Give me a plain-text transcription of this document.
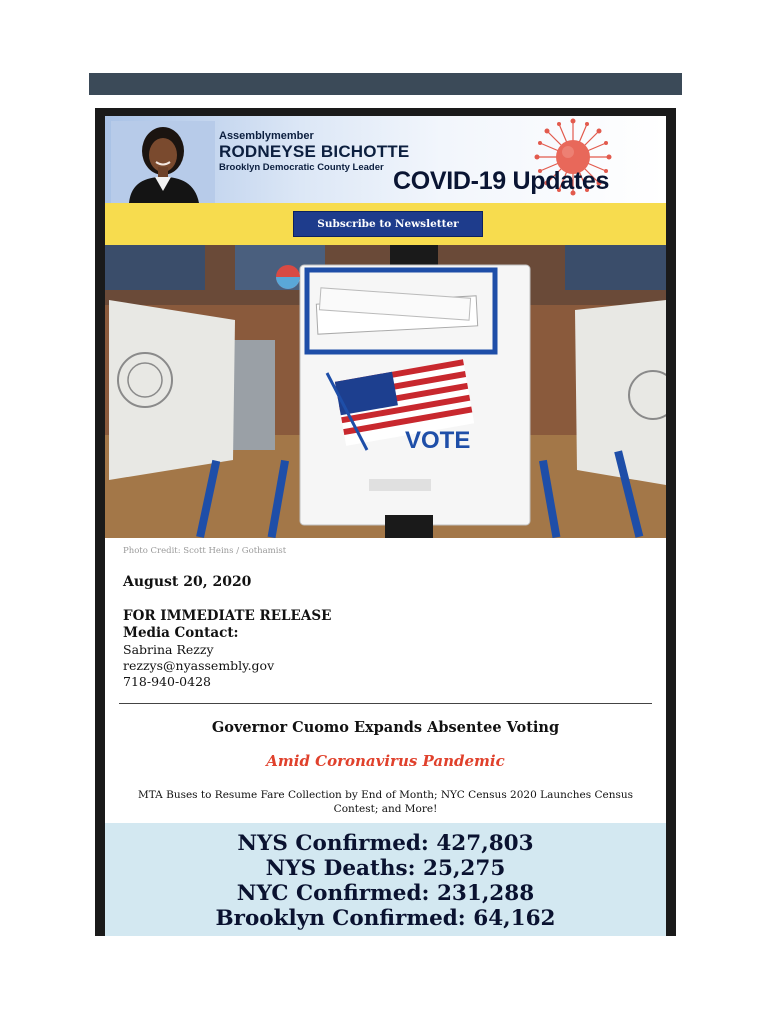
Assemblymember
RODNEYSE BICHOTTE
Brooklyn Democratic County Leader COVID-19 Updates
Subscribe to Newsletter
VOTE
Photo Credit: Scott Heins / Gothamist
August 20, 2020
FOR IMMEDIATE RELEASE
Media Contact:
Sabrina Rezzy
rezzys@nyassembly.gov
718-940-0428
Governor Cuomo Expands Absentee Voting
Amid Coronavirus Pandemic
MTA Buses to Resume Fare Collection by End of Month; NYC Census 2020 Launches Census Contest; and More!
NYS Confirmed: 427,803
NYS Deaths: 25,275
NYC Confirmed: 231,288
Brooklyn Confirmed: 64,162
